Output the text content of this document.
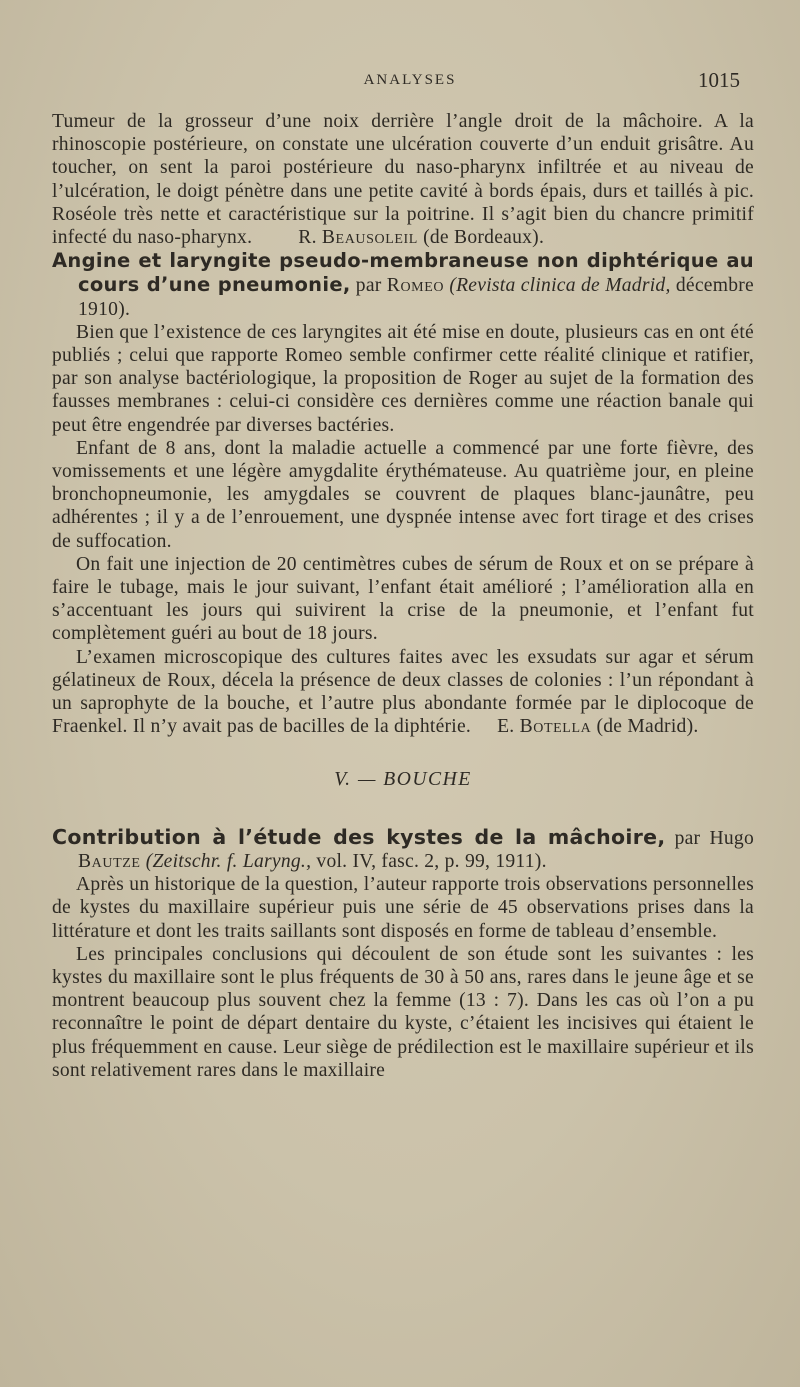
ANALYSES	1015

Tumeur de la grosseur d’une noix derrière l’angle droit de la mâchoire. A la rhinoscopie postérieure, on constate une ulcération couverte d’un enduit grisâtre. Au toucher, on sent la paroi postérieure du naso-pharynx infiltrée et au niveau de l’ulcération, le doigt pénètre dans une petite cavité à bords épais, durs et taillés à pic. Roséole très nette et caractéristique sur la poitrine. Il s’agit bien du chancre primitif infecté du naso-pharynx. R. Beausoleil (de Bordeaux).

Angine et laryngite pseudo-membraneuse non diphtérique au cours d’une pneumonie, par Romeo (Revista clinica de Madrid, décembre 1910).

Bien que l’existence de ces laryngites ait été mise en doute, plusieurs cas en ont été publiés ; celui que rapporte Romeo semble confirmer cette réalité clinique et ratifier, par son analyse bactériologique, la proposition de Roger au sujet de la formation des fausses membranes : celui-ci considère ces dernières comme une réaction banale qui peut être engendrée par diverses bactéries.

Enfant de 8 ans, dont la maladie actuelle a commencé par une forte fièvre, des vomissements et une légère amygdalite érythémateuse. Au quatrième jour, en pleine bronchopneumonie, les amygdales se couvrent de plaques blanc-jaunâtre, peu adhérentes ; il y a de l’enrouement, une dyspnée intense avec fort tirage et des crises de suffocation.

On fait une injection de 20 centimètres cubes de sérum de Roux et on se prépare à faire le tubage, mais le jour suivant, l’enfant était amélioré ; l’amélioration alla en s’accentuant les jours qui suivirent la crise de la pneumonie, et l’enfant fut complètement guéri au bout de 18 jours.

L’examen microscopique des cultures faites avec les exsudats sur agar et sérum gélatineux de Roux, décela la présence de deux classes de colonies : l’un répondant à un saprophyte de la bouche, et l’autre plus abondante formée par le diplocoque de Fraenkel. Il n’y avait pas de bacilles de la diphtérie. E. Botella (de Madrid).

V. — BOUCHE

Contribution à l’étude des kystes de la mâchoire, par Hugo Bautze (Zeitschr. f. Laryng., vol. IV, fasc. 2, p. 99, 1911).

Après un historique de la question, l’auteur rapporte trois observations personnelles de kystes du maxillaire supérieur puis une série de 45 observations prises dans la littérature et dont les traits saillants sont disposés en forme de tableau d’ensemble.

Les principales conclusions qui découlent de son étude sont les suivantes : les kystes du maxillaire sont le plus fréquents de 30 à 50 ans, rares dans le jeune âge et se montrent beaucoup plus souvent chez la femme (13 : 7). Dans les cas où l’on a pu reconnaître le point de départ dentaire du kyste, c’étaient les incisives qui étaient le plus fréquemment en cause. Leur siège de prédilection est le maxillaire supérieur et ils sont relativement rares dans le maxillaire
